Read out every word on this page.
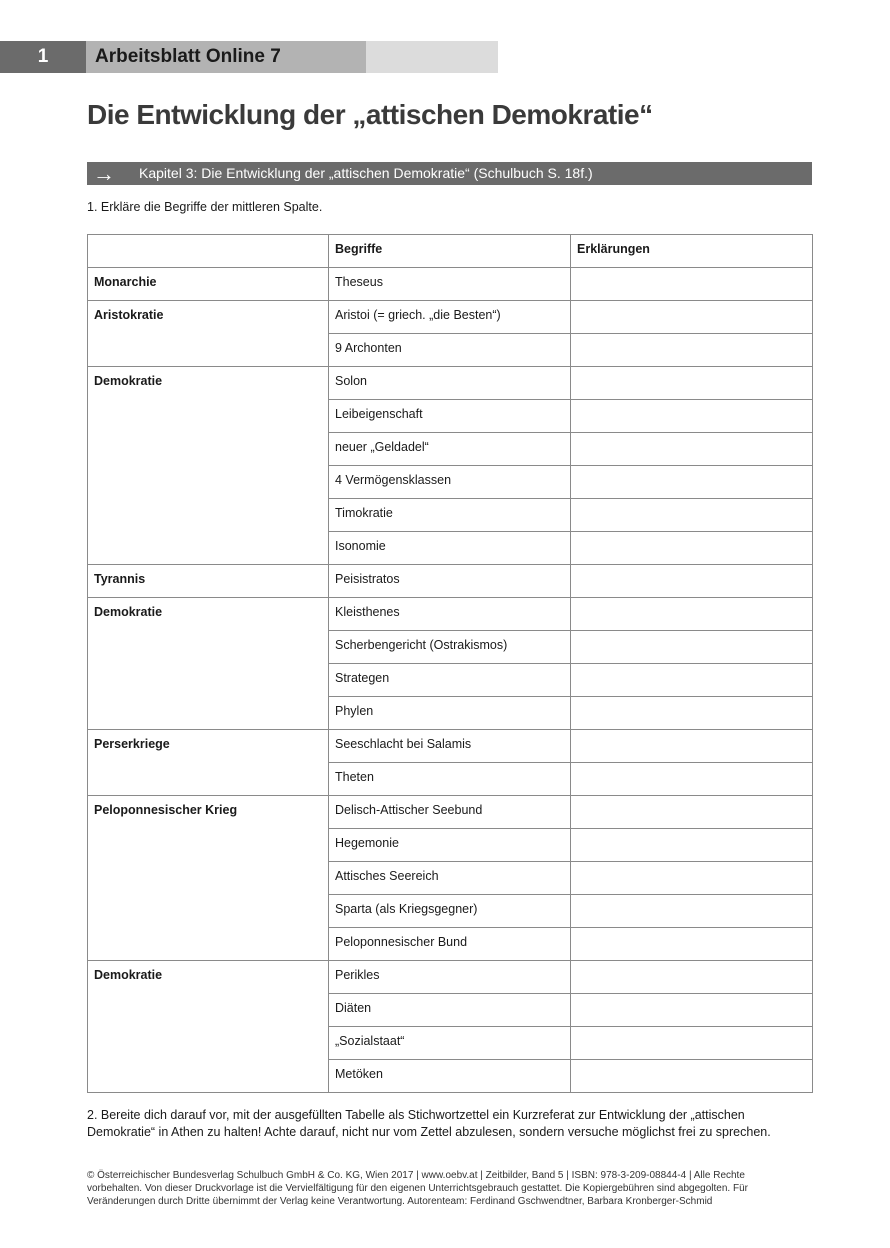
1	Arbeitsblatt Online 7
Die Entwicklung der „attischen Demokratie“
→ Kapitel 3: Die Entwicklung der „attischen Demokratie“ (Schulbuch S. 18f.)

1. Erkläre die Begriffe der mittleren Spalte.

	Begriffe	Erklärungen
Monarchie	Theseus	
Aristokratie	Aristoi (= griech. „die Besten“)	
	9 Archonten	
Demokratie	Solon	
	Leibeigenschaft	
	neuer „Geldadel“	
	4 Vermögensklassen	
	Timokratie	
	Isonomie	
Tyrannis	Peisistratos	
Demokratie	Kleisthenes	
	Scherbengericht (Ostrakismos)	
	Strategen	
	Phylen	
Perserkriege	Seeschlacht bei Salamis	
	Theten	
Peloponnesischer Krieg	Delisch-Attischer Seebund	
	Hegemonie	
	Attisches Seereich	
	Sparta (als Kriegsgegner)	
	Peloponnesischer Bund	
Demokratie	Perikles	
	Diäten	
	„Sozialstaat“	
	Metöken	

2. Bereite dich darauf vor, mit der ausgefüllten Tabelle als Stichwortzettel ein Kurzreferat zur Entwicklung der „attischen Demokratie“ in Athen zu halten! Achte darauf, nicht nur vom Zettel abzulesen, sondern versuche möglichst frei zu sprechen.

© Österreichischer Bundesverlag Schulbuch GmbH & Co. KG, Wien 2017 | www.oebv.at | Zeitbilder, Band 5 | ISBN: 978-3-209-08844-4 | Alle Rechte vorbehalten. Von dieser Druckvorlage ist die Vervielfältigung für den eigenen Unterrichtsgebrauch gestattet. Die Kopiergebühren sind abgegolten. Für Veränderungen durch Dritte übernimmt der Verlag keine Verantwortung. Autorenteam: Ferdinand Gschwendtner, Barbara Kronberger-Schmid
